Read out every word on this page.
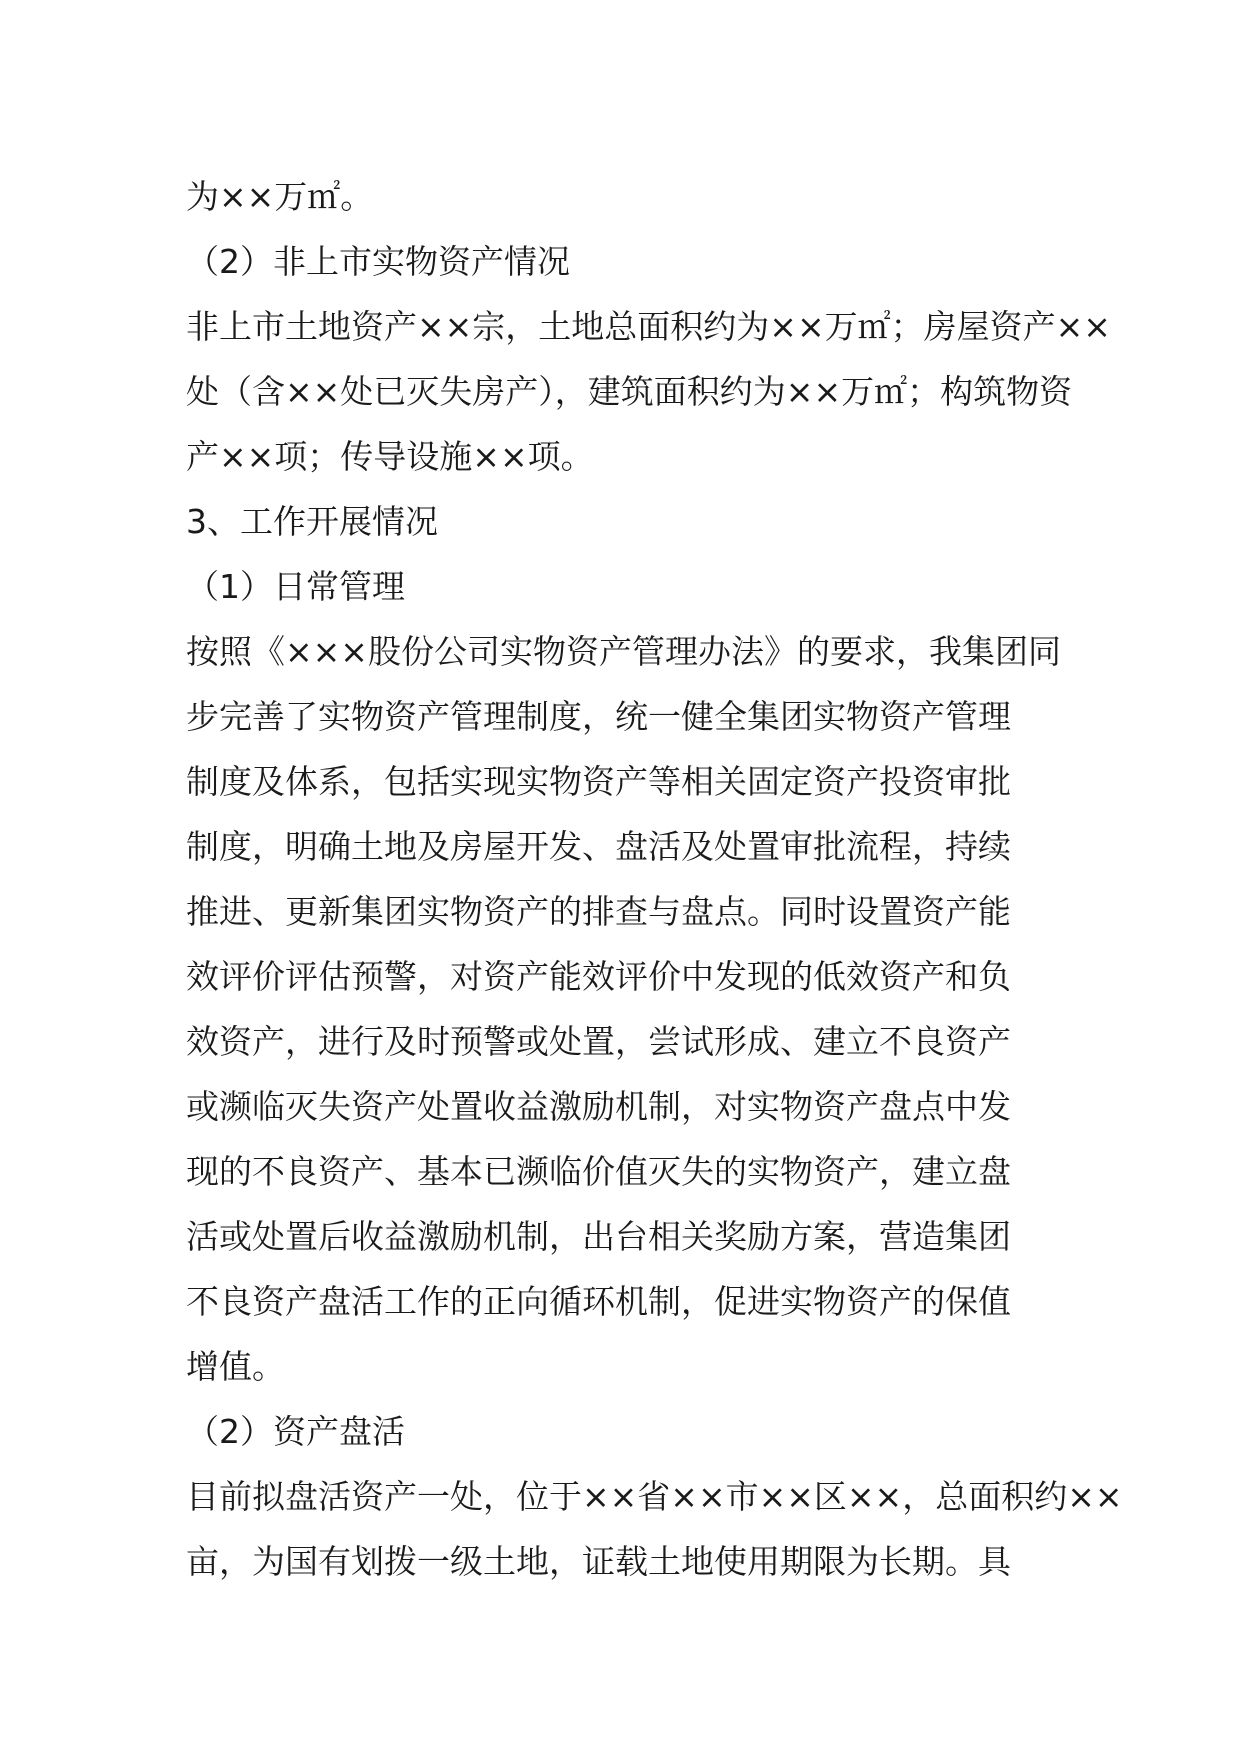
为××万㎡。

（2）非上市实物资产情况

非上市土地资产××宗，土地总面积约为××万㎡；房屋资产××

处（含××处已灭失房产），建筑面积约为××万㎡；构筑物资

产××项；传导设施××项。

3、工作开展情况

（1）日常管理

按照《×××股份公司实物资产管理办法》的要求，我集团同

步完善了实物资产管理制度，统一健全集团实物资产管理

制度及体系，包括实现实物资产等相关固定资产投资审批

制度，明确土地及房屋开发、盘活及处置审批流程，持续

推进、更新集团实物资产的排查与盘点。同时设置资产能

效评价评估预警，对资产能效评价中发现的低效资产和负

效资产，进行及时预警或处置，尝试形成、建立不良资产

或濒临灭失资产处置收益激励机制，对实物资产盘点中发

现的不良资产、基本已濒临价值灭失的实物资产，建立盘

活或处置后收益激励机制，出台相关奖励方案，营造集团

不良资产盘活工作的正向循环机制，促进实物资产的保值

增值。

（2）资产盘活

目前拟盘活资产一处，位于××省××市××区××，总面积约××

亩，为国有划拨一级土地，证载土地使用期限为长期。具
